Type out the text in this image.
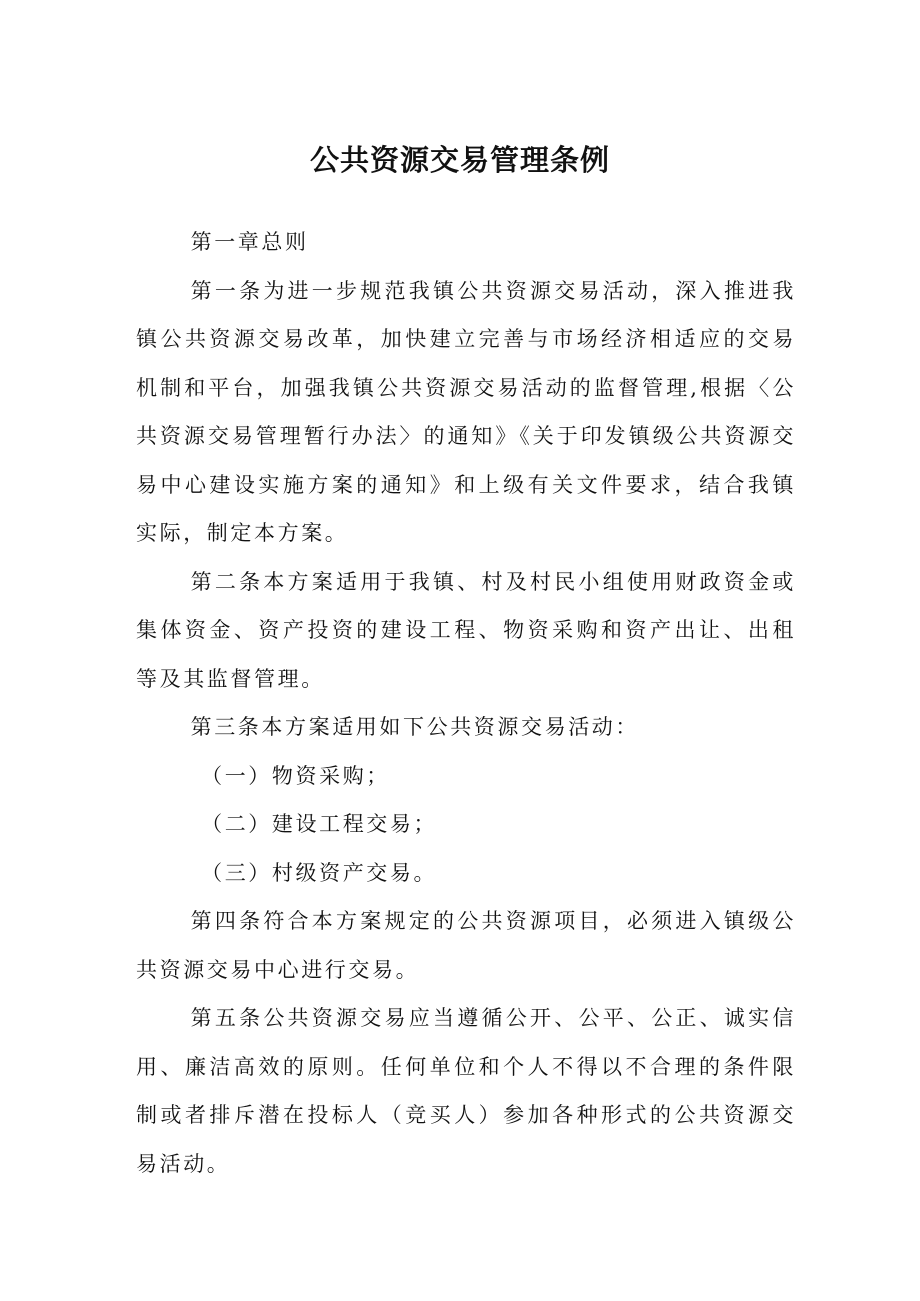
公共资源交易管理条例

第一章总则

第一条为进一步规范我镇公共资源交易活动，深入推进我镇公共资源交易改革，加快建立完善与市场经济相适应的交易机制和平台，加强我镇公共资源交易活动的监督管理,根据〈公共资源交易管理暂行办法〉的通知》《关于印发镇级公共资源交易中心建设实施方案的通知》和上级有关文件要求，结合我镇实际，制定本方案。

第二条本方案适用于我镇、村及村民小组使用财政资金或集体资金、资产投资的建设工程、物资采购和资产出让、出租等及其监督管理。

第三条本方案适用如下公共资源交易活动：

（一）物资采购；

（二）建设工程交易；

（三）村级资产交易。

第四条符合本方案规定的公共资源项目，必须进入镇级公共资源交易中心进行交易。

第五条公共资源交易应当遵循公开、公平、公正、诚实信用、廉洁高效的原则。任何单位和个人不得以不合理的条件限制或者排斥潜在投标人（竞买人）参加各种形式的公共资源交易活动。
